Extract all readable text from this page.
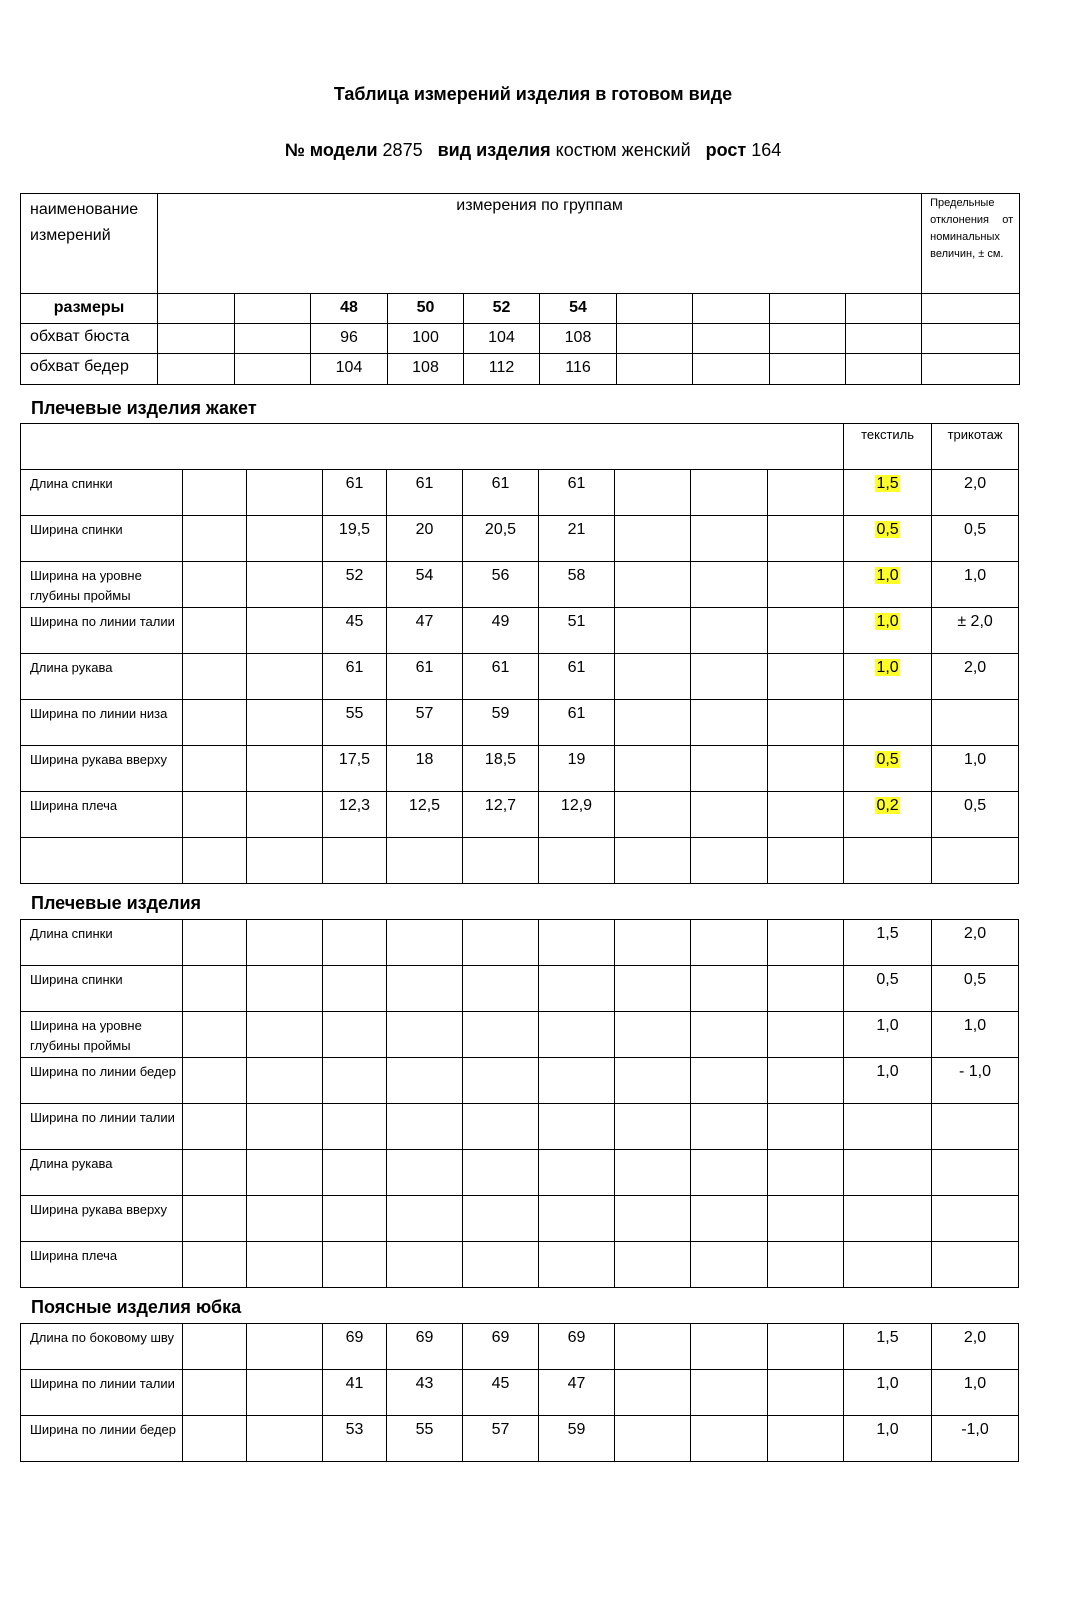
Таблица измерений изделия в готовом виде
№ модели 2875 вид изделия костюм женский рост 164
наименование измерений	измерения по группам										Предельные отклонения от номинальных величин, ± см.
размеры			48	50	52	54					
обхват бюста			96	100	104	108					
обхват бедер			104	108	112	116					
Плечевые изделия жакет
										текстиль	трикотаж
Длина спинки			61	61	61	61				1,5	2,0
Ширина спинки			19,5	20	20,5	21				0,5	0,5
Ширина на уровне глубины проймы			52	54	56	58				1,0	1,0
Ширина по линии талии			45	47	49	51				1,0	± 2,0
Длина рукава			61	61	61	61				1,0	2,0
Ширина по линии низа			55	57	59	61					
Ширина рукава вверху			17,5	18	18,5	19				0,5	1,0
Ширина плеча			12,3	12,5	12,7	12,9				0,2	0,5

Плечевые изделия
Длина спинки										1,5	2,0
Ширина спинки										0,5	0,5
Ширина на уровне глубины проймы										1,0	1,0
Ширина по линии бедер										1,0	- 1,0
Ширина по линии талии											
Длина рукава											
Ширина рукава вверху											
Ширина плеча											
Поясные изделия юбка
Длина по боковому шву			69	69	69	69				1,5	2,0
Ширина по линии талии			41	43	45	47				1,0	1,0
Ширина по линии бедер			53	55	57	59				1,0	-1,0
